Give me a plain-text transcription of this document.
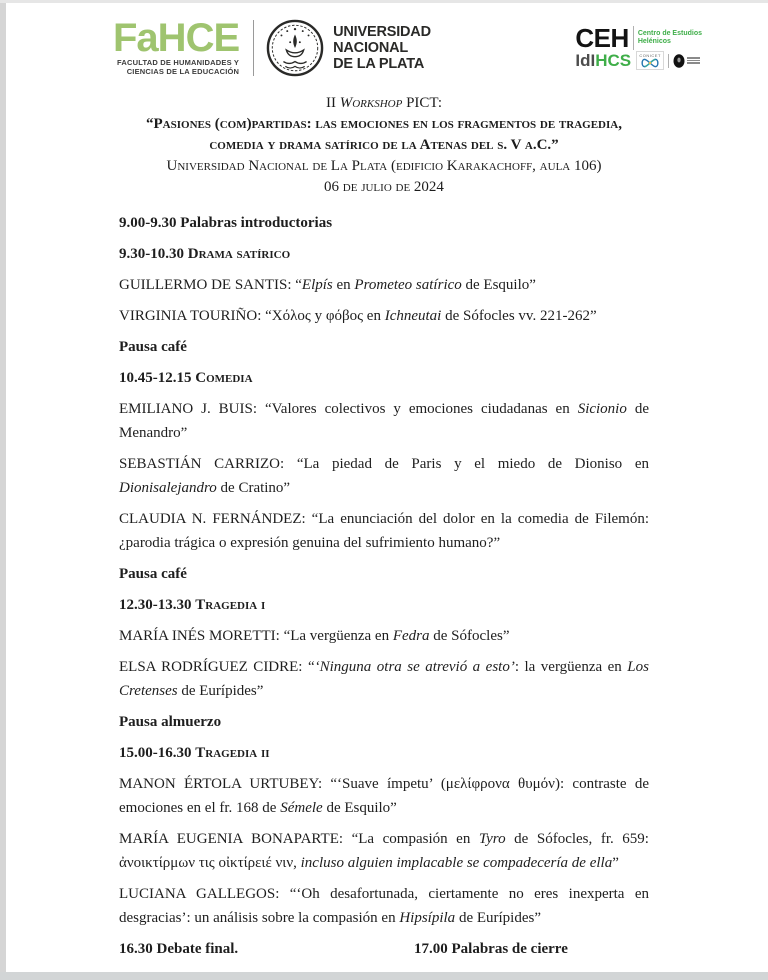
FaHCE
FACULTAD DE HUMANIDADES Y
CIENCIAS DE LA EDUCACIÓN
UNIVERSIDAD
NACIONAL
DE LA PLATA
CEH Centro de Estudios
Helénicos
IdI HCS CONICET
II Workshop PICT:
“Pasiones (com)partidas: las emociones en los fragmentos de tragedia,
comedia y drama satírico de la Atenas del s. V a.C.”
Universidad Nacional de La Plata (edificio Karakachoff, aula 106)
06 de julio de 2024
9.00-9.30 Palabras introductorias
9.30-10.30 Drama satírico
GUILLERMO DE SANTIS: “Elpís en Prometeo satírico de Esquilo”
VIRGINIA TOURIÑO: “Χόλος y φόβος en Ichneutai de Sófocles vv. 221-262”
Pausa café
10.45-12.15 Comedia
EMILIANO J. BUIS: “Valores colectivos y emociones ciudadanas en Sicionio de Menandro”
SEBASTIÁN CARRIZO: “La piedad de Paris y el miedo de Dioniso en Dionisalejandro de Cratino”
CLAUDIA N. FERNÁNDEZ: “La enunciación del dolor en la comedia de Filemón: ¿parodia trágica o expresión genuina del sufrimiento humano?”
Pausa café
12.30-13.30 Tragedia i
MARÍA INÉS MORETTI: “La vergüenza en Fedra de Sófocles”
ELSA RODRÍGUEZ CIDRE: “‘Ninguna otra se atrevió a esto’: la vergüenza en Los Cretenses de Eurípides”
Pausa almuerzo
15.00-16.30 Tragedia ii
MANON ÉRTOLA URTUBEY: “‘Suave ímpetu’ (μελίφρονα θυμόν): contraste de emociones en el fr. 168 de Sémele de Esquilo”
MARÍA EUGENIA BONAPARTE: “La compasión en Tyro de Sófocles, fr. 659: ἀνοικτίρμων τις οἰκτίρειέ νιν, incluso alguien implacable se compadecería de ella”
LUCIANA GALLEGOS: “‘Oh desafortunada, ciertamente no eres inexperta en desgracias’: un análisis sobre la compasión en Hipsípila de Eurípides”
16.30 Debate final.	17.00 Palabras de cierre
